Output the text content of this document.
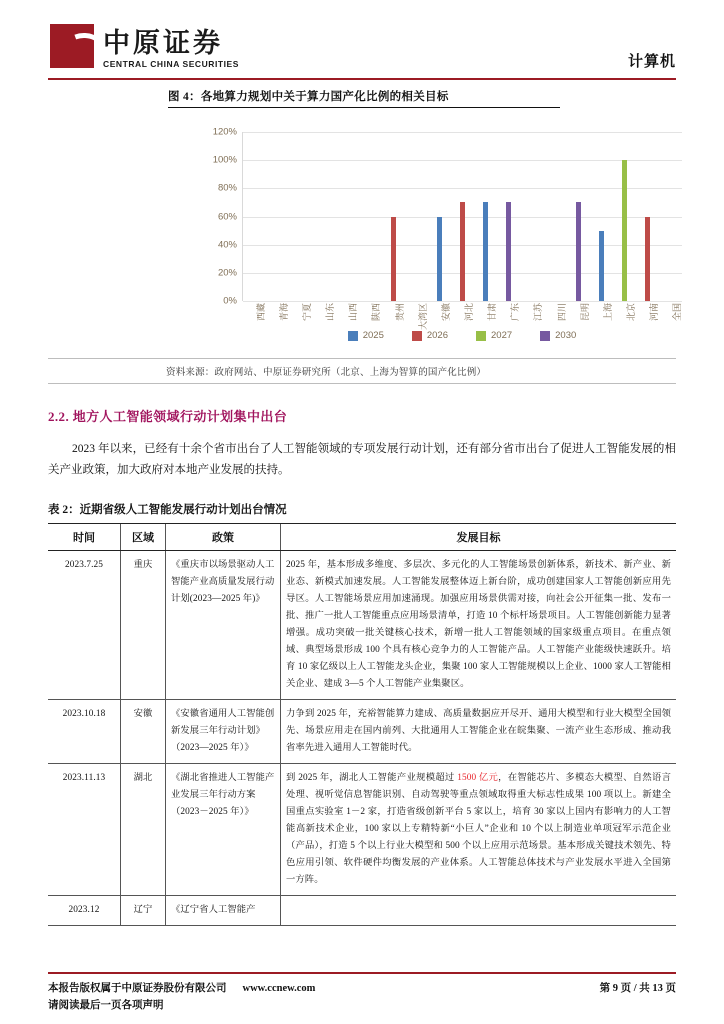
中原证券
CENTRAL CHINA SECURITIES	计算机
图 4：各地算力规划中关于算力国产化比例的相关目标
120%
100%
80%
60%
40%
20%
0%
西藏 青海 宁夏 山东 山西 陕西 贵州 大湾区 安徽 河北 甘肃 广东 江苏 四川 昆明 上海 北京 河南 全国
2025	2026	2027	2030
资料来源：政府网站、中原证券研究所（北京、上海为智算的国产化比例）
2.2. 地方人工智能领域行动计划集中出台
2023 年以来，已经有十余个省市出台了人工智能领域的专项发展行动计划，还有部分省市出台了促进人工智能发展的相关产业政策，加大政府对本地产业发展的扶持。
表 2：近期省级人工智能发展行动计划出台情况
时间	区域	政策	发展目标
2023.7.25	重庆	《重庆市以场景驱动人工智能产业高质量发展行动计划(2023—2025 年)》	2025 年，基本形成多维度、多层次、多元化的人工智能场景创新体系，新技术、新产业、新业态、新模式加速发展。人工智能发展整体迈上新台阶，成功创建国家人工智能创新应用先导区。人工智能场景应用加速涌现。加强应用场景供需对接，向社会公开征集一批、发布一批、推广一批人工智能重点应用场景清单，打造 10 个标杆场景项目。人工智能创新能力显著增强。成功突破一批关键核心技术，新增一批人工智能领域的国家级重点项目。在重点领域、典型场景形成 100 个具有核心竞争力的人工智能产品。人工智能产业能级快速跃升。培育 10 家亿级以上人工智能龙头企业，集聚 100 家人工智能规模以上企业、1000 家人工智能相关企业、建成 3—5 个人工智能产业集聚区。
2023.10.18	安徽	《安徽省通用人工智能创新发展三年行动计划》（2023—2025 年）》	力争到 2025 年，充裕智能算力建成、高质量数据应开尽开、通用大模型和行业大模型全国领先、场景应用走在国内前列、大批通用人工智能企业在皖集聚、一流产业生态形成、推动我省率先进入通用人工智能时代。
2023.11.13	湖北	《湖北省推进人工智能产业发展三年行动方案（2023－2025 年）》	到 2025 年，湖北人工智能产业规模超过 1500 亿元，在智能芯片、多模态大模型、自然语言处理、视听觉信息智能识别、自动驾驶等重点领域取得重大标志性成果 100 项以上。新建全国重点实验室 1－2 家，打造省级创新平台 5 家以上，培育 30 家以上国内有影响力的人工智能高新技术企业，100 家以上专精特新“小巨人”企业和 10 个以上制造业单项冠军示范企业（产品），打造 5 个以上行业大模型和 500 个以上应用示范场景。基本形成关键技术领先、特色应用引领、软件硬件均衡发展的产业体系。人工智能总体技术与产业发展水平进入全国第一方阵。
2023.12	辽宁	《辽宁省人工智能产	
本报告版权属于中原证券股份有限公司 www.ccnew.com
请阅读最后一页各项声明
第 9 页 / 共 13 页
